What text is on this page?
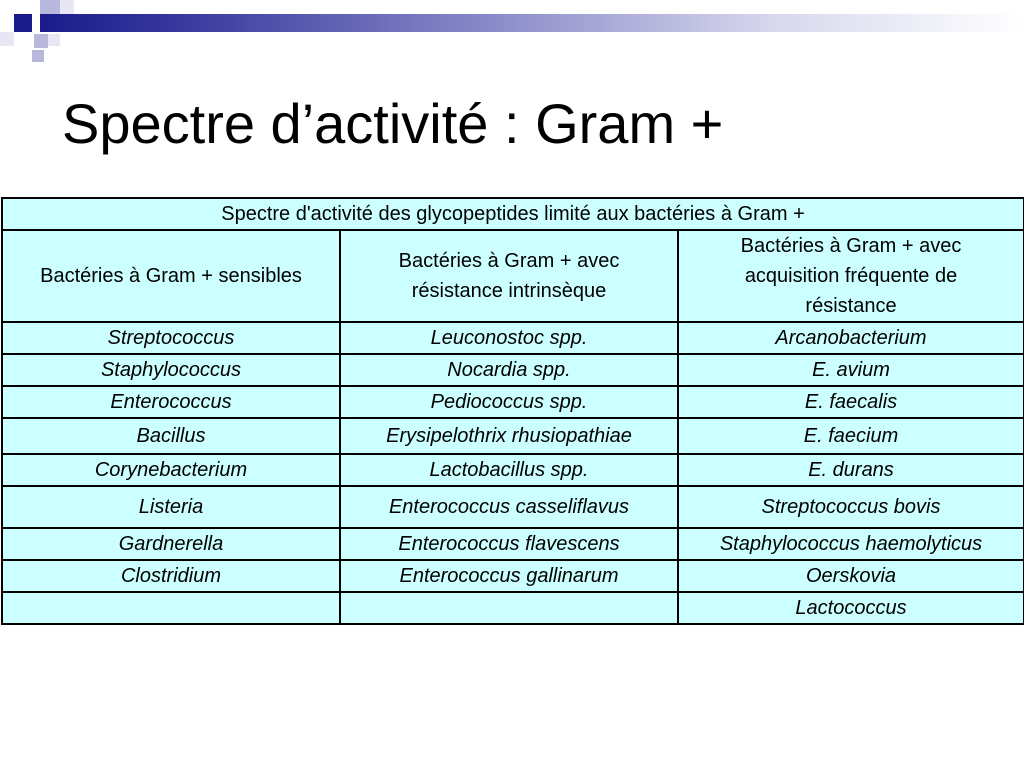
Spectre d’activité : Gram +
Spectre d'activité des glycopeptides limité aux bactéries à Gram +		
Bactéries à Gram + sensibles	Bactéries à Gram + avec résistance intrinsèque	Bactéries à Gram + avec acquisition fréquente de résistance
Streptococcus	Leuconostoc spp.	Arcanobacterium
Staphylococcus	Nocardia spp.	E. avium
Enterococcus	Pediococcus spp.	E. faecalis
Bacillus	Erysipelothrix rhusiopathiae	E. faecium
Corynebacterium	Lactobacillus spp.	E. durans
Listeria	Enterococcus casseliflavus	Streptococcus bovis
Gardnerella	Enterococcus flavescens	Staphylococcus haemolyticus
Clostridium	Enterococcus gallinarum	Oerskovia
		Lactococcus
